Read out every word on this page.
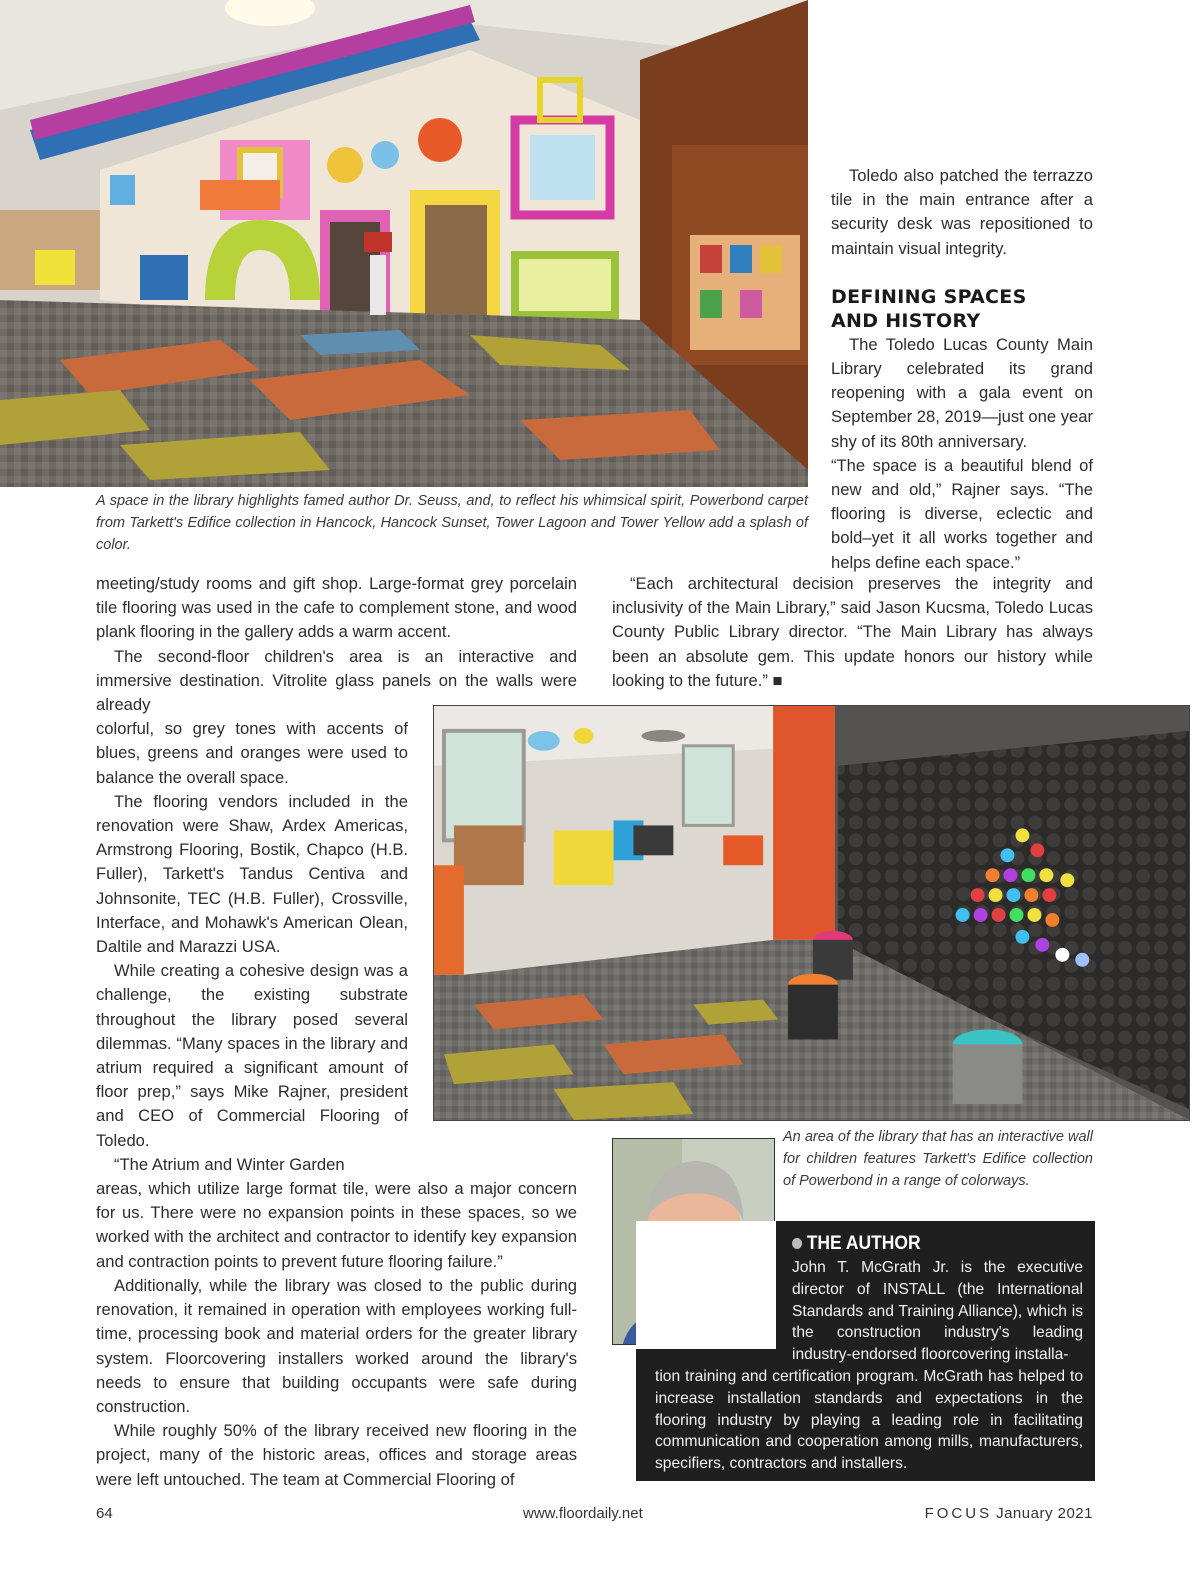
A space in the library highlights famed author Dr. Seuss, and, to reflect his whimsical spirit, Powerbond carpet from Tarkett's Edifice collection in Hancock, Hancock Sunset, Tower Lagoon and Tower Yellow add a splash of color.

Toledo also patched the terrazzo tile in the main entrance after a security desk was repositioned to maintain visual integrity.

DEFINING SPACES
AND HISTORY

The Toledo Lucas County Main Library celebrated its grand reopening with a gala event on September 28, 2019—just one year shy of its 80th anniversary.

“The space is a beautiful blend of new and old,” Rajner says. “The flooring is diverse, eclectic and bold–yet it all works together and helps define each space.”

“Each architectural decision preserves the integrity and inclusivity of the Main Library,” said Jason Kucsma, Toledo Lucas County Public Library director. “The Main Library has always been an absolute gem. This update honors our history while looking to the future.” ■

meeting/study rooms and gift shop. Large-format grey porcelain tile flooring was used in the cafe to complement stone, and wood plank flooring in the gallery adds a warm accent.

The second-floor children's area is an interactive and immersive destination. Vitrolite glass panels on the walls were already

colorful, so grey tones with accents of blues, greens and oranges were used to balance the overall space.

The flooring vendors included in the renovation were Shaw, Ardex Americas, Armstrong Flooring, Bostik, Chapco (H.B. Fuller), Tarkett's Tandus Centiva and Johnsonite, TEC (H.B. Fuller), Crossville, Interface, and Mohawk's American Olean, Daltile and Marazzi USA.

While creating a cohesive design was a challenge, the existing substrate throughout the library posed several dilemmas. “Many spaces in the library and atrium required a significant amount of floor prep,” says Mike Rajner, president and CEO of Commercial Flooring of Toledo.

“The Atrium and Winter Garden

areas, which utilize large format tile, were also a major concern for us. There were no expansion points in these spaces, so we worked with the architect and contractor to identify key expansion and contraction points to prevent future flooring failure.”

Additionally, while the library was closed to the public during renovation, it remained in operation with employees working full-time, processing book and material orders for the greater library system. Floorcovering installers worked around the library's needs to ensure that building occupants were safe during construction.

While roughly 50% of the library received new flooring in the project, many of the historic areas, offices and storage areas were left untouched. The team at Commercial Flooring of

An area of the library that has an interactive wall for children features Tarkett's Edifice collection of Powerbond in a range of colorways.
THE AUTHOR
John T. McGrath Jr. is the executive director of INSTALL (the International Standards and Training Alliance), which is the construction industry's leading industry-endorsed floorcovering installa-
tion training and certification program. McGrath has helped to increase installation standards and expectations in the flooring industry by playing a leading role in facilitating communication and cooperation among mills, manufacturers, specifiers, contractors and installers.
64	www.floordaily.net	FOCUS January 2021
